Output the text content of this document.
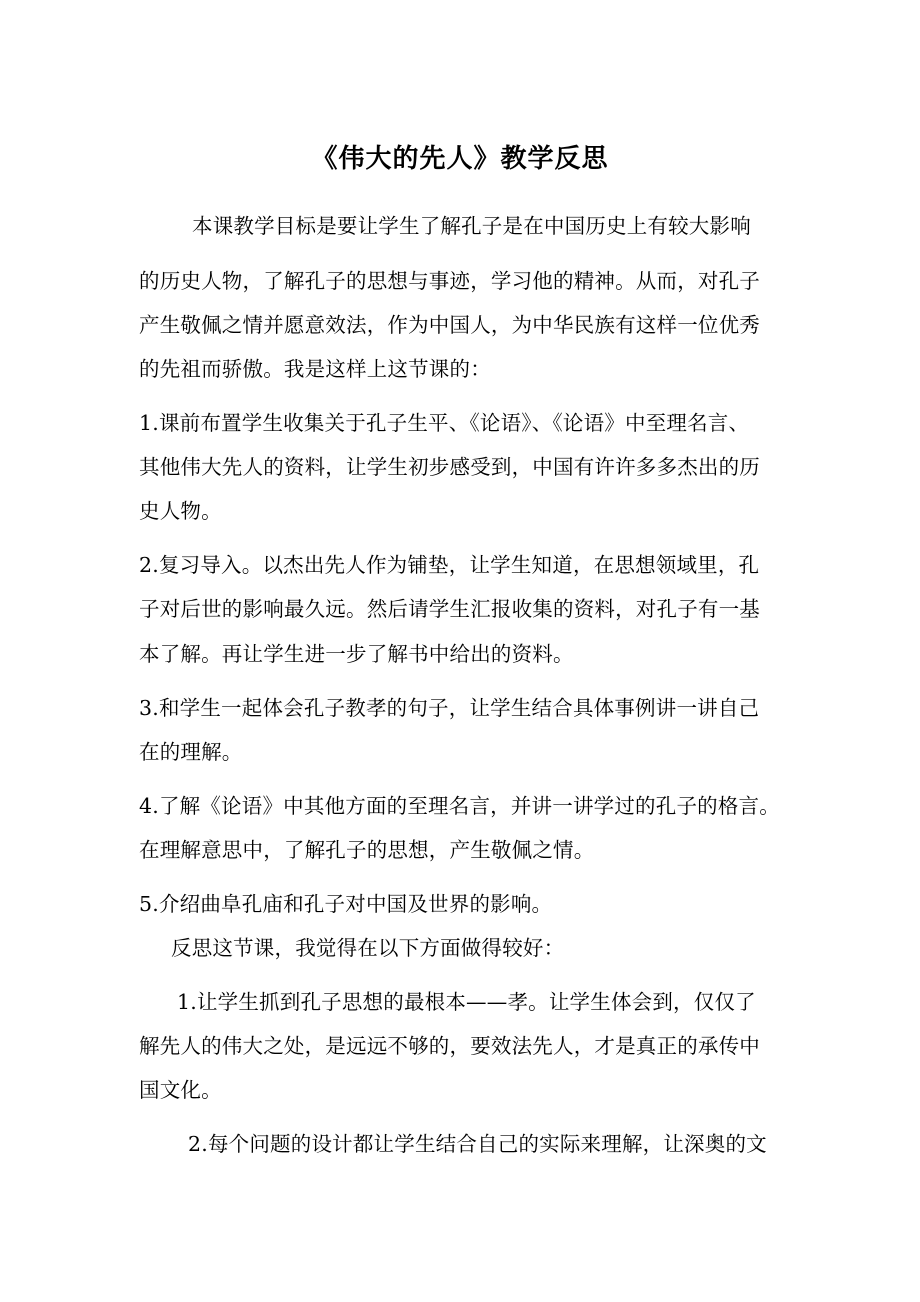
《伟大的先人》教学反思
本课教学目标是要让学生了解孔子是在中国历史上有较大影响
的历史人物，了解孔子的思想与事迹，学习他的精神。从而，对孔子
产生敬佩之情并愿意效法，作为中国人，为中华民族有这样一位优秀
的先祖而骄傲。我是这样上这节课的：
1.课前布置学生收集关于孔子生平、《论语》、《论语》中至理名言、
其他伟大先人的资料，让学生初步感受到，中国有许许多多杰出的历
史人物。
2.复习导入。以杰出先人作为铺垫，让学生知道，在思想领域里，孔
子对后世的影响最久远。然后请学生汇报收集的资料，对孔子有一基
本了解。再让学生进一步了解书中给出的资料。
3.和学生一起体会孔子教孝的句子，让学生结合具体事例讲一讲自己
在的理解。
4.了解《论语》中其他方面的至理名言，并讲一讲学过的孔子的格言。
在理解意思中，了解孔子的思想，产生敬佩之情。
5.介绍曲阜孔庙和孔子对中国及世界的影响。
反思这节课，我觉得在以下方面做得较好：
1.让学生抓到孔子思想的最根本——孝。让学生体会到，仅仅了
解先人的伟大之处，是远远不够的，要效法先人，才是真正的承传中
国文化。
2.每个问题的设计都让学生结合自己的实际来理解，让深奥的文
